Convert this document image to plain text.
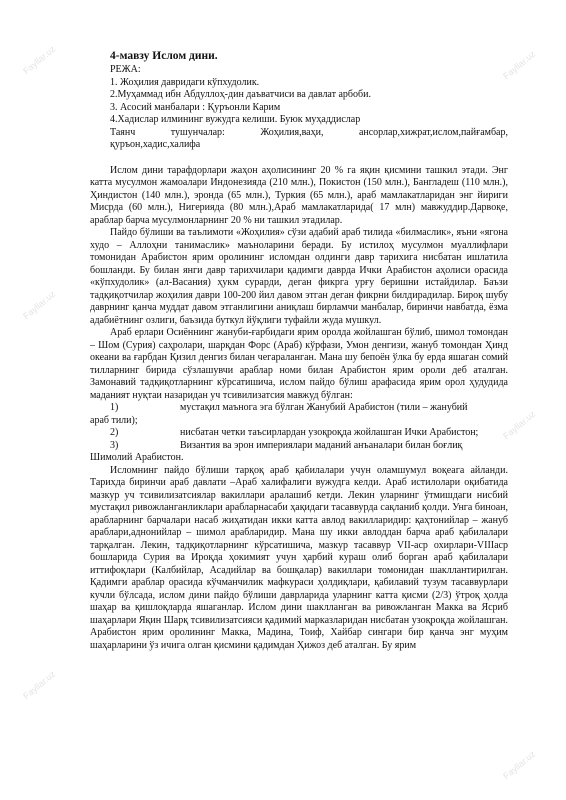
4-мавзу Ислом дини.
РЕЖА:
1. Жоҳилия давридаги кўпхудолик.
2.Муҳаммад ибн Абдуллоҳ-дин даъватчиси ва давлат арбоби.
3. Асосий манбалари : Қуръонли Карим
4.Хадислар илмининг вужудга келиши. Буюк муҳаддислар
Таянч тушунчалар: Жоҳилия,ваҳи, ансорлар,хижрат,ислом,пайғамбар,
қуръон,хадис,халифа

Ислом дини тарафдорлари жаҳон аҳолисининг 20 % га яқин қисмини ташкил этади. Энг катта мусулмон жамоалари Индонезияда (210 млн.), Покистон (150 млн.), Бангладеш (110 млн.), Ҳиндистон (140 млн.), эронда (65 млн.), Туркия (65 млн.), араб мамлакатларидан энг йириги Мисрда (60 млн.), Нигерияда (80 млн.),Араб мамлакатларида( 17 млн) мавжуддир.Дарвоқе, араблар барча мусулмонларнинг 20 % ни ташкил этадилар.

Пайдо бўлиши ва таълимоти «Жоҳилия» сўзи адабий араб тилида «билмаслик», яъни «ягона худо – Аллоҳни танимаслик» маъноларини беради. Бу истилоҳ мусулмон муаллифлари томонидан Арабистон ярим оролининг исломдан олдинги давр тарихига нисбатан ишлатила бошланди. Бу билан янги давр тарихчилари қадимги даврда Ички Арабистон аҳолиси орасида «кўпхудолик» (ал-Васания) ҳукм сурарди, деган фикрга урғу беришни истайдилар. Баъзи тадқиқотчилар жоҳилия даври 100-200 йил давом этган деган фикрни билдирадилар. Бироқ шубу даврнинг қанча муддат давом этганлигини аниқлаш бирламчи манбалар, биринчи навбатда, ёзма адабиётнинг озлиги, баъзида буткул йўқлиги туфайли жуда мушкул.

Араб ерлари Осиённинг жануби-ғарбидаги ярим оролда жойлашган бўлиб, шимол томондан – Шом (Сурия) саҳролари, шарқдан Форс (Араб) кўрфази, Умон денгизи, жануб томондан Ҳинд океани ва ғарбдан Қизил денгиз билан чегараланган. Мана шу бепоён ўлка бу ерда яшаган сомий тилларнинг бирида сўзлашувчи араблар номи билан Арабистон ярим ороли деб аталган. Замонавий тадқиқотларнинг кўрсатишича, ислом пайдо бўлиш арафасида ярим орол ҳудудида маданият нуқтаи назаридан уч тсивилизатсия мавжуд бўлган:

1)	мустақил маънога эга бўлган Жанубий Арабистон (тили – жанубий
араб тили);
2)	нисбатан четки таъсирлардан узоқроқда жойлашган Ички Арабистон;
3)	Византия ва эрон империялари маданий анъаналари билан боғлиқ
Шимолий Арабистон.

Исломнинг пайдо бўлиши тарқоқ араб қабилалари учун оламшумул воқеага айланди. Тарихда биринчи араб давлати –Араб халифалиги вужудга келди. Араб истилолари оқибатида мазкур уч тсивилизатсиялар вакиллари аралашиб кетди. Лекин уларнинг ўтмишдаги нисбий мустақил ривожланганликлари арабларнасаби ҳақидаги тасаввурда сақланиб қолди. Унга биноан, арабларнинг барчалари насаб жиҳатидан икки катта авлод вакилларидир: қаҳтонийлар – жануб араблари,аднонийлар – шимол арабларидир. Мана шу икки авлоддан барча араб қабилалари тарқалган. Лекин, тадқиқотларнинг кўрсатишича, мазкур тасаввур VII-аср охирлари-VIIIаср бошларида Сурия ва Ироқда ҳокимият учун ҳарбий кураш олиб борган араб қабилалари иттифоқлари (Калбийлар, Асадийлар ва бошқалар) вакиллари томонидан шакллантирилган. Қадимги араблар орасида кўчманчилик мафкураси ҳолдиқлари, қабилавий тузум тасаввурлари кучли бўлсада, ислом дини пайдо бўлиши даврларида уларнинг катта қисми (2/3) ўтроқ ҳолда шаҳар ва қишлоқларда яшаганлар. Ислом дини шаклланган ва ривожланган Макка ва Ясриб шаҳарлари Яқин Шарқ тсивилизатсияси қадимий марказларидан нисбатан узоқроқда жойлашган. Арабистон ярим оролининг Макка, Мадина, Тоиф, Хайбар сингари бир қанча энг муҳим шаҳарларини ўз ичига олган қисмини қадимдан Ҳижоз деб аталган. Бу ярим

Fayllar.uz	Fayllar.uz
Fayllar.uz
Fayllar.uz
Fayllar.uz
Fayllar.uz
